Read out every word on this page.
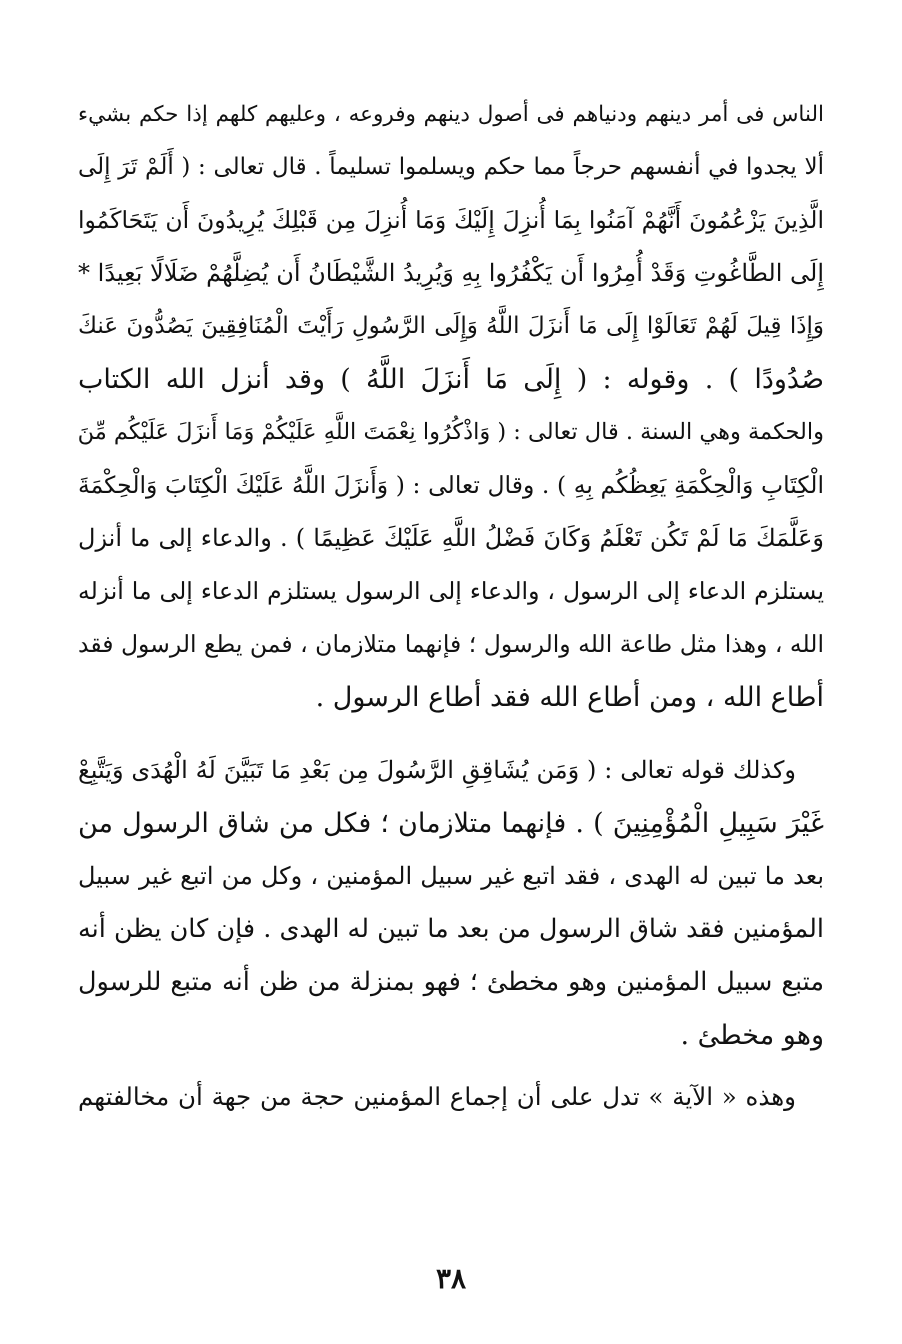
الناس فى أمر دينهم ودنياهم فى أصول دينهم وفروعه ، وعليهم كلهم إذا حكم بشيء
ألا يجدوا في أنفسهم حرجاً مما حكم ويسلموا تسليماً . قال تعالى : ( أَلَمْ تَرَ إِلَى
الَّذِينَ يَزْعُمُونَ أَنَّهُمْ آمَنُوا بِمَا أُنزِلَ إِلَيْكَ وَمَا أُنزِلَ مِن قَبْلِكَ يُرِيدُونَ أَن يَتَحَاكَمُوا
إِلَى الطَّاغُوتِ وَقَدْ أُمِرُوا أَن يَكْفُرُوا بِهِ وَيُرِيدُ الشَّيْطَانُ أَن يُضِلَّهُمْ ضَلَالًا بَعِيدًا *
وَإِذَا قِيلَ لَهُمْ تَعَالَوْا إِلَى مَا أَنزَلَ اللَّهُ وَإِلَى الرَّسُولِ رَأَيْتَ الْمُنَافِقِينَ يَصُدُّونَ عَنكَ
صُدُودًا ) . وقوله : ( إِلَى مَا أَنزَلَ اللَّهُ ) وقد أنزل الله الكتاب
والحكمة وهي السنة . قال تعالى : ( وَاذْكُرُوا نِعْمَتَ اللَّهِ عَلَيْكُمْ وَمَا أَنزَلَ عَلَيْكُم مِّنَ
الْكِتَابِ وَالْحِكْمَةِ يَعِظُكُم بِهِ ) . وقال تعالى : ( وَأَنزَلَ اللَّهُ عَلَيْكَ الْكِتَابَ وَالْحِكْمَةَ
وَعَلَّمَكَ مَا لَمْ تَكُن تَعْلَمُ وَكَانَ فَضْلُ اللَّهِ عَلَيْكَ عَظِيمًا ) . والدعاء إلى ما أنزل
يستلزم الدعاء إلى الرسول ، والدعاء إلى الرسول يستلزم الدعاء إلى ما أنزله
الله ، وهذا مثل طاعة الله والرسول ؛ فإنهما متلازمان ، فمن يطع الرسول فقد
أطاع الله ، ومن أطاع الله فقد أطاع الرسول .
وكذلك قوله تعالى : ( وَمَن يُشَاقِقِ الرَّسُولَ مِن بَعْدِ مَا تَبَيَّنَ لَهُ الْهُدَى وَيَتَّبِعْ
غَيْرَ سَبِيلِ الْمُؤْمِنِينَ ) . فإنهما متلازمان ؛ فكل من شاق الرسول من
بعد ما تبين له الهدى ، فقد اتبع غير سبيل المؤمنين ، وكل من اتبع غير سبيل
المؤمنين فقد شاق الرسول من بعد ما تبين له الهدى . فإن كان يظن أنه
متبع سبيل المؤمنين وهو مخطئ ؛ فهو بمنزلة من ظن أنه متبع للرسول
وهو مخطئ .
وهذه « الآية » تدل على أن إجماع المؤمنين حجة من جهة أن مخالفتهم
٣٨
